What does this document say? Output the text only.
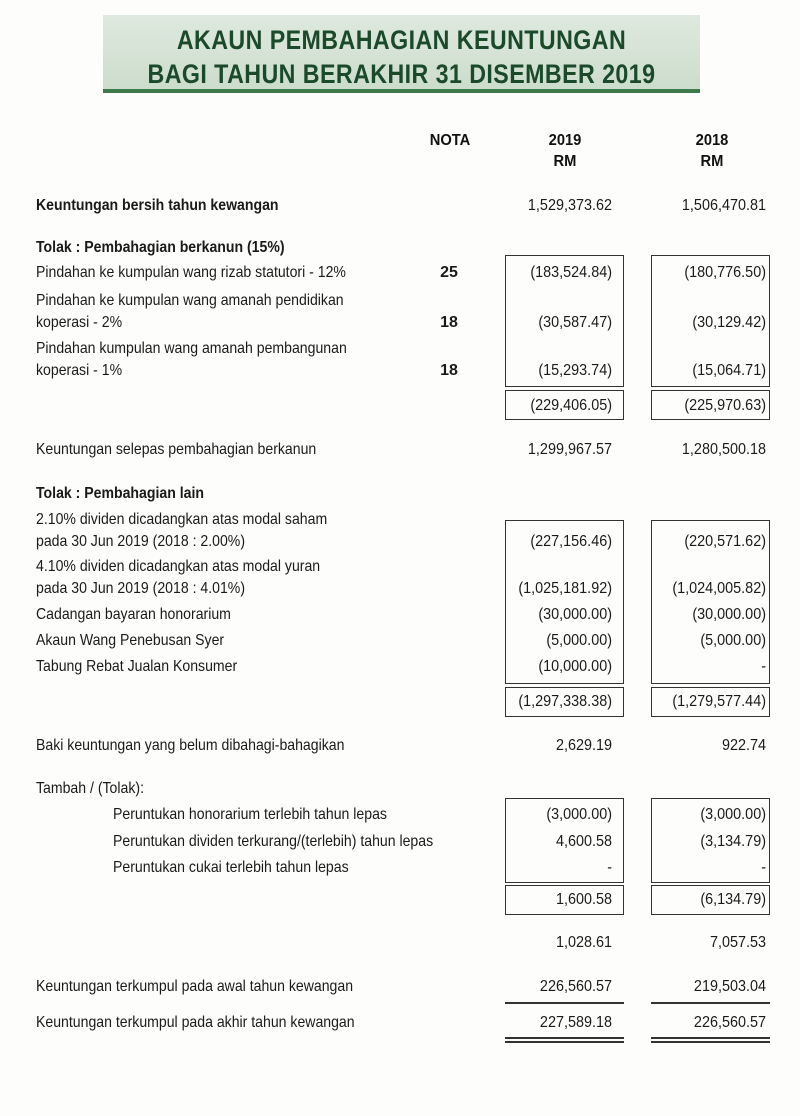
AKAUN PEMBAHAGIAN KEUNTUNGAN
BAGI TAHUN BERAKHIR 31 DISEMBER 2019
NOTA	2019
RM
2018
RM
Keuntungan bersih tahun kewangan	1,529,373.62	1,506,470.81
Tolak : Pembahagian berkanun (15%)
Pindahan ke kumpulan wang rizab statutori - 12%	25	(183,524.84)	(180,776.50)
Pindahan ke kumpulan wang amanah pendidikan
koperasi - 2%	18	(30,587.47)	(30,129.42)
Pindahan kumpulan wang amanah pembangunan
koperasi - 1%	18	(15,293.74)	(15,064.71)
(229,406.05)	(225,970.63)
Keuntungan selepas pembahagian berkanun	1,299,967.57	1,280,500.18
Tolak : Pembahagian lain
2.10% dividen dicadangkan atas modal saham
pada 30 Jun 2019 (2018 : 2.00%)	(227,156.46)	(220,571.62)
4.10% dividen dicadangkan atas modal yuran
pada 30 Jun 2019 (2018 : 4.01%)	(1,025,181.92)	(1,024,005.82)
Cadangan bayaran honorarium	(30,000.00)	(30,000.00)
Akaun Wang Penebusan Syer	(5,000.00)	(5,000.00)
Tabung Rebat Jualan Konsumer	(10,000.00)	-
(1,297,338.38)	(1,279,577.44)
Baki keuntungan yang belum dibahagi-bahagikan	2,629.19	922.74
Tambah / (Tolak):
Peruntukan honorarium terlebih tahun lepas	(3,000.00)	(3,000.00)
Peruntukan dividen terkurang/(terlebih) tahun lepas	4,600.58	(3,134.79)
Peruntukan cukai terlebih tahun lepas	-	-
1,600.58	(6,134.79)
1,028.61	7,057.53
Keuntungan terkumpul pada awal tahun kewangan	226,560.57	219,503.04
Keuntungan terkumpul pada akhir tahun kewangan	227,589.18	226,560.57
